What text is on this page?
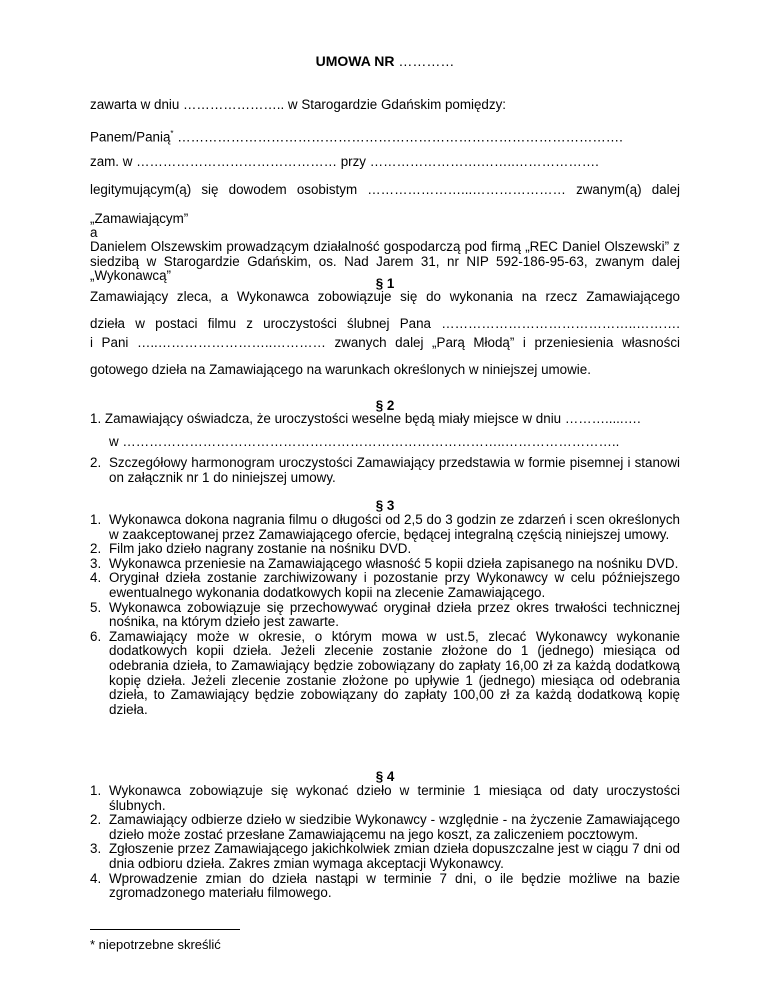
UMOWA NR …………
zawarta w dniu ………………….. w Starogardzie Gdańskim pomiędzy:
Panem/Panią* ……………………………………………………………………………………….
zam. w ……………………………………… przy …………………….……..……………….
legitymującym(ą) się dowodem osobistym …………………...………………… zwanym(ą) dalej
„Zamawiającym”
a
Danielem Olszewskim prowadzącym działalność gospodarczą pod firmą „REC Daniel Olszewski” z siedzibą w Starogardzie Gdańskim, os. Nad Jarem 31, nr NIP 592-186-95-63, zwanym dalej „Wykonawcą”
§ 1
Zamawiający zleca, a Wykonawca zobowiązuje się do wykonania na rzecz Zamawiającego
dzieła w postaci filmu z uroczystości ślubnej Pana ……………………………………..……….
i Pani …..……………………..………… zwanych dalej „Parą Młodą” i przeniesienia własności
gotowego dzieła na Zamawiającego na warunkach określonych w niniejszej umowie.
§ 2
1. Zamawiający oświadcza, że uroczystości weselne będą miały miejsce w dniu ……….....….
w …………………………………………………………………………..……………………..
2. Szczegółowy harmonogram uroczystości Zamawiający przedstawia w formie pisemnej i stanowi on załącznik nr 1 do niniejszej umowy.
§ 3
1. Wykonawca dokona nagrania filmu o długości od 2,5 do 3 godzin ze zdarzeń i scen określonych w zaakceptowanej przez Zamawiającego ofercie, będącej integralną częścią niniejszej umowy.
2. Film jako dzieło nagrany zostanie na nośniku DVD.
3. Wykonawca przeniesie na Zamawiającego własność 5 kopii dzieła zapisanego na nośniku DVD.
4. Oryginał dzieła zostanie zarchiwizowany i pozostanie przy Wykonawcy w celu późniejszego ewentualnego wykonania dodatkowych kopii na zlecenie Zamawiającego.
5. Wykonawca zobowiązuje się przechowywać oryginał dzieła przez okres trwałości technicznej nośnika, na którym dzieło jest zawarte.
6. Zamawiający może w okresie, o którym mowa w ust.5, zlecać Wykonawcy wykonanie dodatkowych kopii dzieła. Jeżeli zlecenie zostanie złożone do 1 (jednego) miesiąca od odebrania dzieła, to Zamawiający będzie zobowiązany do zapłaty 16,00 zł za każdą dodatkową kopię dzieła. Jeżeli zlecenie zostanie złożone po upływie 1 (jednego) miesiąca od odebrania dzieła, to Zamawiający będzie zobowiązany do zapłaty 100,00 zł za każdą dodatkową kopię dzieła.
§ 4
1. Wykonawca zobowiązuje się wykonać dzieło w terminie 1 miesiąca od daty uroczystości ślubnych.
2. Zamawiający odbierze dzieło w siedzibie Wykonawcy - względnie - na życzenie Zamawiającego dzieło może zostać przesłane Zamawiającemu na jego koszt, za zaliczeniem pocztowym.
3. Zgłoszenie przez Zamawiającego jakichkolwiek zmian dzieła dopuszczalne jest w ciągu 7 dni od dnia odbioru dzieła. Zakres zmian wymaga akceptacji Wykonawcy.
4. Wprowadzenie zmian do dzieła nastąpi w terminie 7 dni, o ile będzie możliwe na bazie zgromadzonego materiału filmowego.
* niepotrzebne skreślić
